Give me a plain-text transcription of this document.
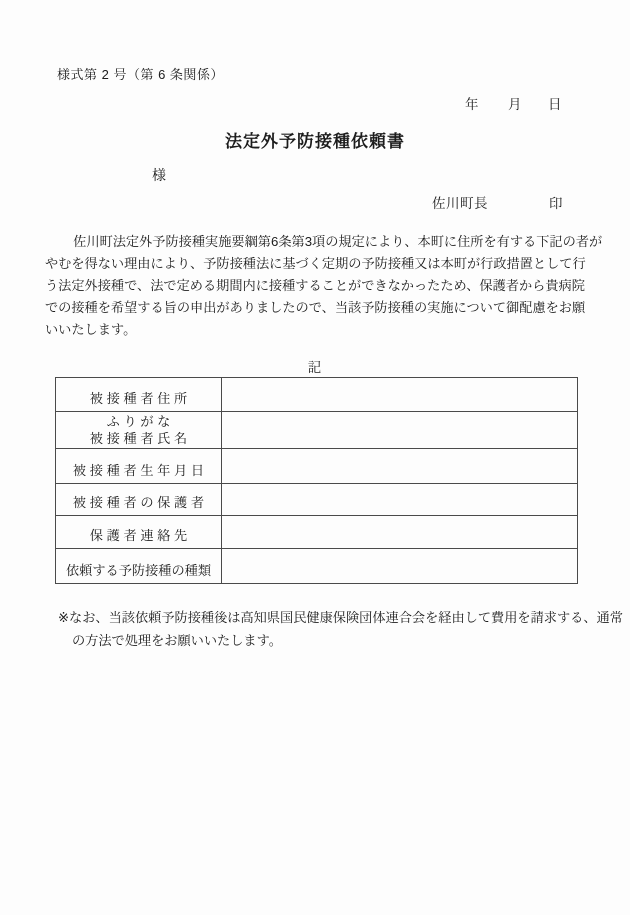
様式第 2 号（第 6 条関係）
年 月 日
法定外予防接種依頼書
様
佐川町長	印
　佐川町法定外予防接種実施要綱第6条第3項の規定により、本町に住所を有する下記の者が
やむを得ない理由により、予防接種法に基づく定期の予防接種又は本町が行政措置として行
う法定外接種で、法で定める期間内に接種することができなかったため、保護者から貴病院
での接種を希望する旨の申出がありましたので、当該予防接種の実施について御配慮をお願
いいたします。
記
被 接 種 者 住 所
ふ り が な
被 接 種 者 氏 名
被 接 種 者 生 年 月 日
被 接 種 者 の 保 護 者
保 護 者 連 絡 先
依頼する予防接種の種類
※なお、当該依頼予防接種後は高知県国民健康保険団体連合会を経由して費用を請求する、通常
の方法で処理をお願いいたします。
